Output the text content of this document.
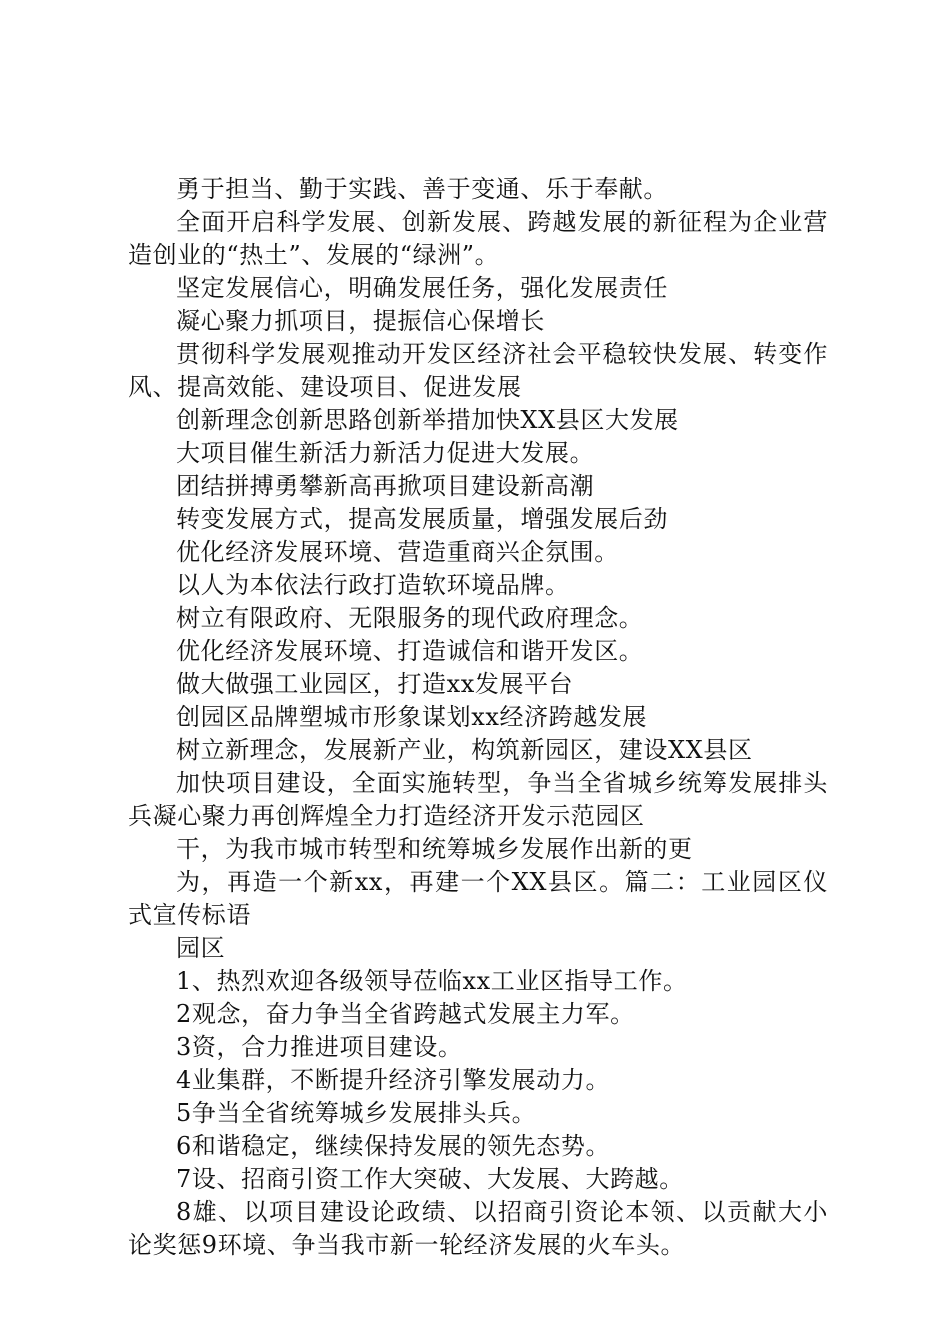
勇于担当、勤于实践、善于变通、乐于奉献。

全面开启科学发展、创新发展、跨越发展的新征程为企业营造创业的“热土”、发展的“绿洲”。

坚定发展信心，明确发展任务，强化发展责任

凝心聚力抓项目，提振信心保增长

贯彻科学发展观推动开发区经济社会平稳较快发展、转变作风、提高效能、建设项目、促进发展

创新理念创新思路创新举措加快XX县区大发展

大项目催生新活力新活力促进大发展。

团结拼搏勇攀新高再掀项目建设新高潮

转变发展方式，提高发展质量，增强发展后劲

优化经济发展环境、营造重商兴企氛围。

以人为本依法行政打造软环境品牌。

树立有限政府、无限服务的现代政府理念。

优化经济发展环境、打造诚信和谐开发区。

做大做强工业园区，打造xx发展平台

创园区品牌塑城市形象谋划xx经济跨越发展

树立新理念，发展新产业，构筑新园区，建设XX县区

加快项目建设，全面实施转型，争当全省城乡统筹发展排头兵凝心聚力再创辉煌全力打造经济开发示范园区

干，为我市城市转型和统筹城乡发展作出新的更

为，再造一个新xx，再建一个XX县区。篇二：工业园区仪式宣传标语

园区

1、热烈欢迎各级领导莅临xx工业区指导工作。

2观念，奋力争当全省跨越式发展主力军。

3资，合力推进项目建设。

4业集群，不断提升经济引擎发展动力。

5争当全省统筹城乡发展排头兵。

6和谐稳定，继续保持发展的领先态势。

7设、招商引资工作大突破、大发展、大跨越。

8雄、以项目建设论政绩、以招商引资论本领、以贡献大小论奖惩9环境、争当我市新一轮经济发展的火车头。
